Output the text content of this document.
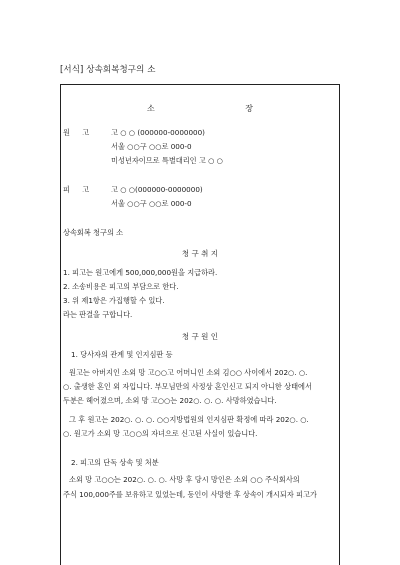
[서식] 상속회복청구의 소
소 장
원 고 고 ○ ○ (000000-0000000)
서울 ○○구 ○○로 000-0
미성년자이므로 특별대리인 고 ○ ○
피 고 고 ○ ○(000000-0000000)
서울 ○○구 ○○로 000-0
상속회복 청구의 소
청 구 취 지
1. 피고는 원고에게 500,000,000원을 지급하라.
2. 소송비용은 피고의 부담으로 한다.
3. 위 제1항은 가집행할 수 있다.
라는 판결을 구합니다.
청 구 원 인
1. 당사자의 관계 및 인지심판 등
원고는 아버지인 소외 망 고○○고 어머니인 소외 김○○ 사이에서 202○. ○.
○. 출생한 혼인 외 자입니다. 부모님만의 사정상 혼인신고 되지 아니한 상태에서
두분은 헤어졌으며, 소외 망 고○○는 202○. ○. ○. 사망하였습니다.
그 후 원고는 202○. ○. ○. ○○지방법원의 인지심판 확정에 따라 202○. ○.
○. 원고가 소외 망 고○○의 자녀으로 신고된 사실이 있습니다.
2. 피고의 단독 상속 및 처분
소외 망 고○○는 202○. ○. ○. 사망 후 당시 망인은 소외 ○○ 주식회사의
주식 100,000주를 보유하고 있었는데, 동인이 사망한 후 상속이 개시되자 피고가
